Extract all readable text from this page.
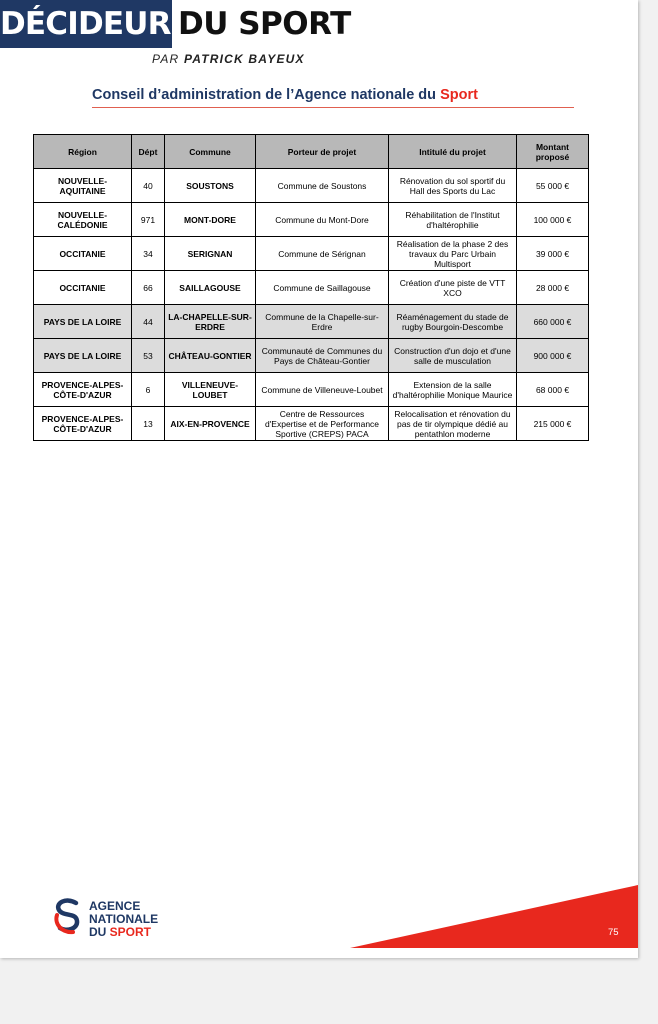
DÉCIDEURS
DU SPORT
PAR PATRICK BAYEUX
Conseil d’administration de l’Agence nationale du Sport
Région	Dépt	Commune	Porteur de projet	Intitulé du projet	Montant proposé
NOUVELLE-AQUITAINE	40	SOUSTONS	Commune de Soustons	Rénovation du sol sportif du Hall des Sports du Lac	55 000 €
NOUVELLE-CALÉDONIE	971	MONT-DORE	Commune du Mont-Dore	Réhabilitation de l'Institut d'haltérophilie	100 000 €
OCCITANIE	34	SERIGNAN	Commune de Sérignan	Réalisation de la phase 2 des travaux du Parc Urbain Multisport	39 000 €
OCCITANIE	66	SAILLAGOUSE	Commune de Saillagouse	Création d'une piste de VTT XCO	28 000 €
PAYS DE LA LOIRE	44	LA-CHAPELLE-SUR-ERDRE	Commune de la Chapelle-sur-Erdre	Réaménagement du stade de rugby Bourgoin-Descombe	660 000 €
PAYS DE LA LOIRE	53	CHÂTEAU-GONTIER	Communauté de Communes du Pays de Château-Gontier	Construction d'un dojo et d'une salle de musculation	900 000 €
PROVENCE-ALPES-CÔTE-D'AZUR	6	VILLENEUVE-LOUBET	Commune de Villeneuve-Loubet	Extension de la salle d'haltérophilie Monique Maurice	68 000 €
PROVENCE-ALPES-CÔTE-D'AZUR	13	AIX-EN-PROVENCE	Centre de Ressources d'Expertise et de Performance Sportive (CREPS) PACA	Relocalisation et rénovation du pas de tir olympique dédié au pentathlon moderne	215 000 €
AGENCE
NATIONALE
DU SPORT	75
